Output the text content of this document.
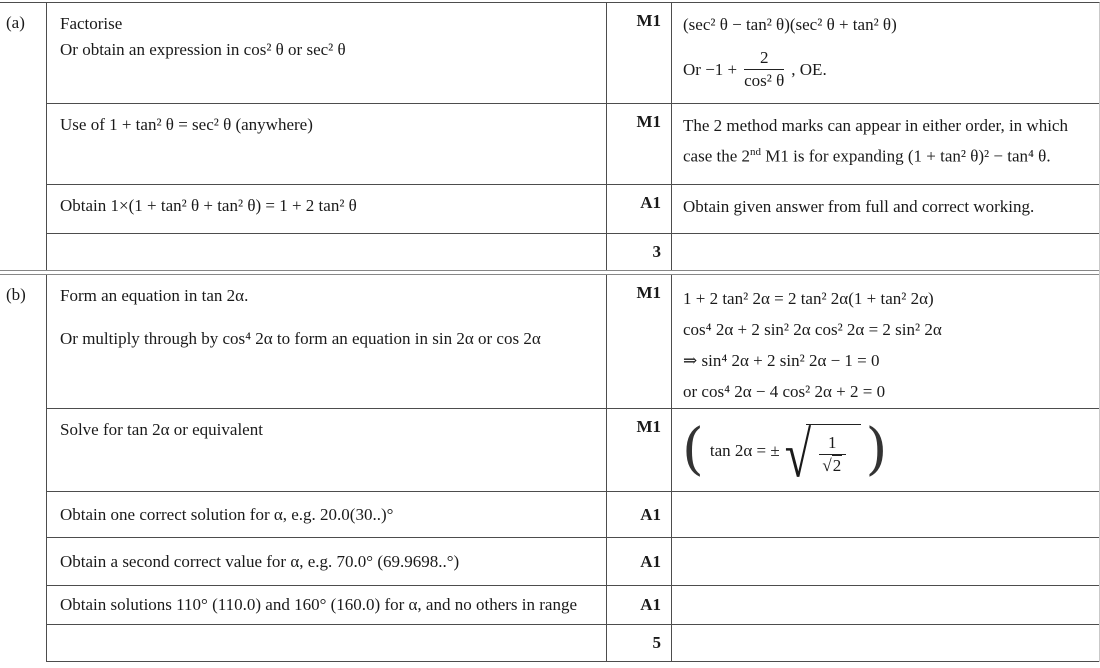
(a)	Factorise
Or obtain an expression in cos² θ or sec² θ
M1	(sec² θ − tan² θ)(sec² θ + tan² θ)
$Or -1 + \frac{2}{\text{cos² θ}}$ , OE.
Use of 1 + tan² θ = sec² θ (anywhere)	M1	The 2 method marks can appear in either order, in which case the 2nd M1 is for expanding (1 + tan² θ)² − tan⁴ θ.
Obtain 1×(1 + tan² θ + tan² θ) = 1 + 2 tan² θ	A1	Obtain given answer from full and correct working.
3
(b)	Form an equation in tan 2α.
Or multiply through by cos⁴ 2α to form an equation in sin 2α or cos 2α
M1	1 + 2 tan² 2α = 2 tan² 2α(1 + tan² 2α)
cos⁴ 2α + 2 sin² 2α cos² 2α = 2 sin² 2α
⇒ sin⁴ 2α + 2 sin² 2α − 1 = 0
or cos⁴ 2α − 4 cos² 2α + 2 = 0
Solve for tan 2α or equivalent	M1 ( tan 2α = ± √ $\frac{1}{√2}$ )
Obtain one correct solution for α, e.g. 20.0(30..)°	A1
Obtain a second correct value for α, e.g. 70.0° (69.9698..°)	A1
Obtain solutions 110° (110.0) and 160° (160.0) for α, and no others in range	A1
5
